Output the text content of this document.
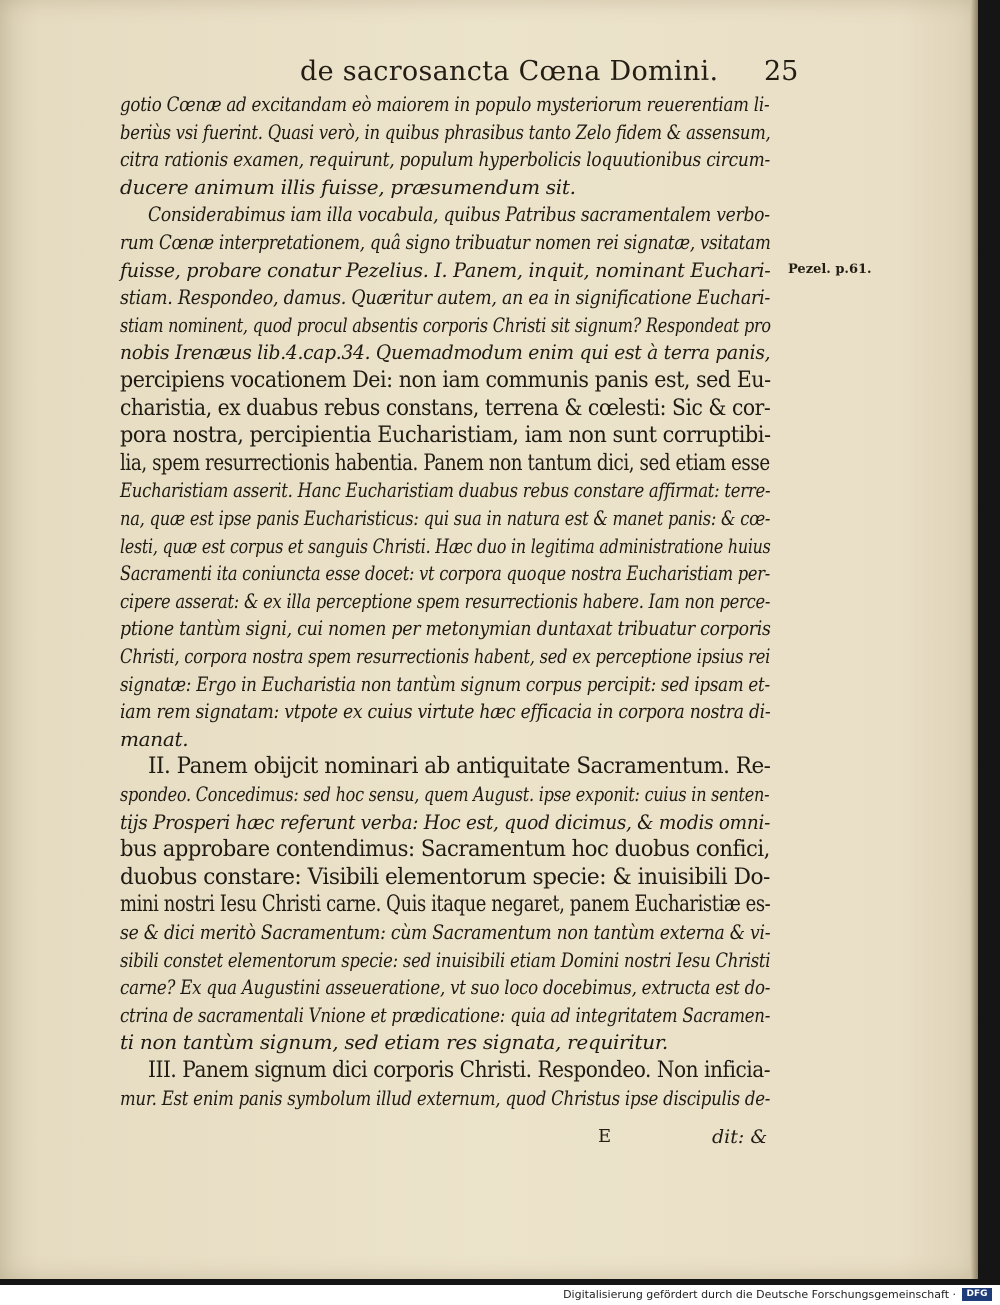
de sacrosancta Cœna Domini.	25
Pezel. p.61.
gotio Cœnæ ad excitandam eò maiorem in populo mysteriorum reuerentiam li-
beriùs vsi fuerint. Quasi verò, in quibus phrasibus tanto Zelo fidem & assensum,
citra rationis examen, requirunt, populum hyperbolicis loquutionibus circum-
ducere animum illis fuisse, præsumendum sit.
Considerabimus iam illa vocabula, quibus Patribus sacramentalem verbo-
rum Cœnæ interpretationem, quâ signo tribuatur nomen rei signatæ, vsitatam
fuisse, probare conatur Pezelius. I. Panem, inquit, nominant Euchari-
stiam. Respondeo, damus. Quæritur autem, an ea in significatione Euchari-
stiam nominent, quod procul absentis corporis Christi sit signum? Respondeat pro
nobis Irenæus lib.4.cap.34. Quemadmodum enim qui est à terra panis,
percipiens vocationem Dei: non iam communis panis est, sed Eu-
charistia, ex duabus rebus constans, terrena & cœlesti: Sic & cor-
pora nostra, percipientia Eucharistiam, iam non sunt corruptibi-
lia, spem resurrectionis habentia. Panem non tantum dici, sed etiam esse
Eucharistiam asserit. Hanc Eucharistiam duabus rebus constare affirmat: terre-
na, quæ est ipse panis Eucharisticus: qui sua in natura est & manet panis: & cœ-
lesti, quæ est corpus et sanguis Christi. Hæc duo in legitima administratione huius
Sacramenti ita coniuncta esse docet: vt corpora quoque nostra Eucharistiam per-
cipere asserat: & ex illa perceptione spem resurrectionis habere. Iam non perce-
ptione tantùm signi, cui nomen per metonymian duntaxat tribuatur corporis
Christi, corpora nostra spem resurrectionis habent, sed ex perceptione ipsius rei
signatæ: Ergo in Eucharistia non tantùm signum corpus percipit: sed ipsam et-
iam rem signatam: vtpote ex cuius virtute hæc efficacia in corpora nostra di-
manat.
II. Panem obijcit nominari ab antiquitate Sacramentum. Re-
spondeo. Concedimus: sed hoc sensu, quem August. ipse exponit: cuius in senten-
tijs Prosperi hæc referunt verba: Hoc est, quod dicimus, & modis omni-
bus approbare contendimus: Sacramentum hoc duobus confici,
duobus constare: Visibili elementorum specie: & inuisibili Do-
mini nostri Iesu Christi carne. Quis itaque negaret, panem Eucharistiæ es-
se & dici meritò Sacramentum: cùm Sacramentum non tantùm externa & vi-
sibili constet elementorum specie: sed inuisibili etiam Domini nostri Iesu Christi
carne? Ex qua Augustini asseueratione, vt suo loco docebimus, extructa est do-
ctrina de sacramentali Vnione et prædicatione: quia ad integritatem Sacramen-
ti non tantùm signum, sed etiam res signata, requiritur.
III. Panem signum dici corporis Christi. Respondeo. Non inficia-
mur. Est enim panis symbolum illud externum, quod Christus ipse discipulis de-
E	dit: &
Digitalisierung gefördert durch die Deutsche Forschungsgemeinschaft ·	DFG
